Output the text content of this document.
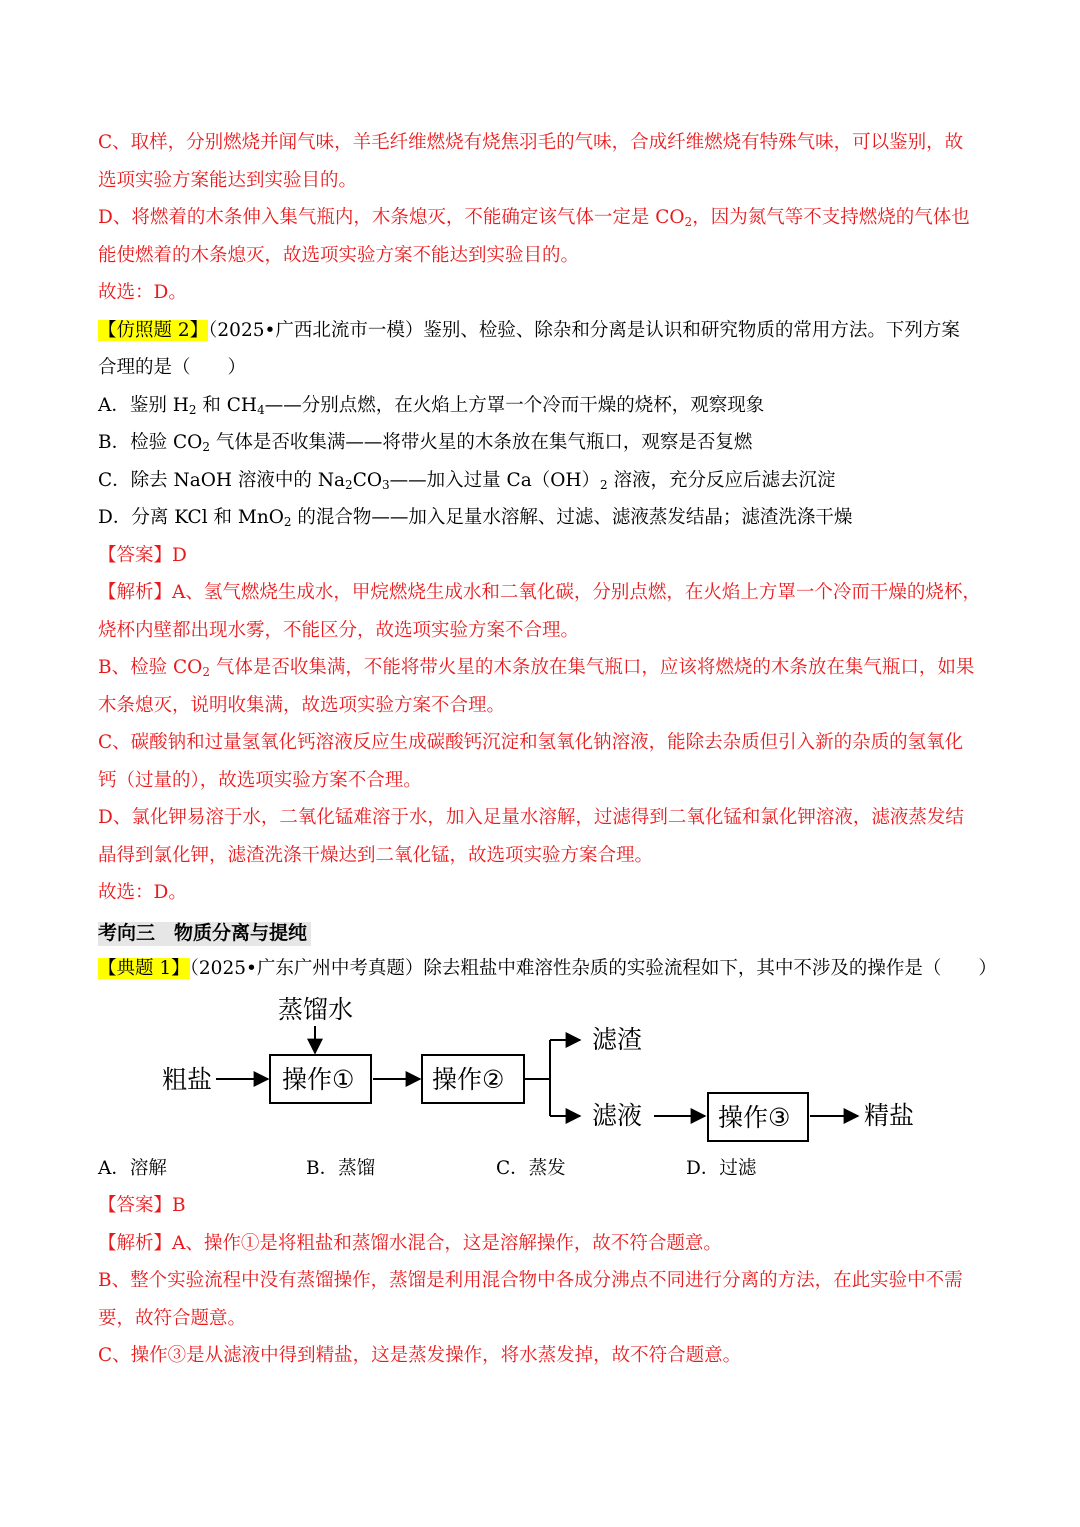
C、取样，分别燃烧并闻气味，羊毛纤维燃烧有烧焦羽毛的气味，合成纤维燃烧有特殊气味，可以鉴别，故

选项实验方案能达到实验目的。

D、将燃着的木条伸入集气瓶内，木条熄灭，不能确定该气体一定是 $CO_2$，因为氮气等不支持燃烧的气体也

能使燃着的木条熄灭，故选项实验方案不能达到实验目的。

故选：D。

【仿照题 2】（2025•广西北流市一模）鉴别、检验、除杂和分离是认识和研究物质的常用方法。下列方案

合理的是（　　）

A．鉴别 $H_2$ 和 $CH_4——$分别点燃，在火焰上方罩一个冷而干燥的烧杯，观察现象

B．检验 $CO_2$ 气体是否收集满——将带火星的木条放在集气瓶口，观察是否复燃

C．除去 NaOH 溶液中的 $Na_2CO_3——$加入过量 $Ca(OH)_2$ 溶液，充分反应后滤去沉淀

D．分离 KCl 和 MnO$_2$ 的混合物——加入足量水溶解、过滤、滤液蒸发结晶；滤渣洗涤干燥

【答案】D

【解析】A、氢气燃烧生成水，甲烷燃烧生成水和二氧化碳，分别点燃，在火焰上方罩一个冷而干燥的烧杯，

烧杯内壁都出现水雾，不能区分，故选项实验方案不合理。

B、检验 $CO_2$ 气体是否收集满，不能将带火星的木条放在集气瓶口，应该将燃烧的木条放在集气瓶口，如果

木条熄灭，说明收集满，故选项实验方案不合理。

C、碳酸钠和过量氢氧化钙溶液反应生成碳酸钙沉淀和氢氧化钠溶液，能除去杂质但引入新的杂质的氢氧化

钙（过量的），故选项实验方案不合理。

D、氯化钾易溶于水，二氧化锰难溶于水，加入足量水溶解，过滤得到二氧化锰和氯化钾溶液，滤液蒸发结

晶得到氯化钾，滤渣洗涤干燥达到二氧化锰，故选项实验方案合理。

故选：D。

考向三　物质分离与提纯

【典题 1】（2025•广东广州中考真题）除去粗盐中难溶性杂质的实验流程如下，其中不涉及的操作是（　　）

蒸馏水
粗盐	操作①	操作②
滤渣
滤液	操作③	精盐
A．溶解	B．蒸馏	C．蒸发	D．过滤

【答案】B

【解析】A、操作①是将粗盐和蒸馏水混合，这是溶解操作，故不符合题意。

B、整个实验流程中没有蒸馏操作，蒸馏是利用混合物中各成分沸点不同进行分离的方法，在此实验中不需

要，故符合题意。

C、操作③是从滤液中得到精盐，这是蒸发操作，将水蒸发掉，故不符合题意。
